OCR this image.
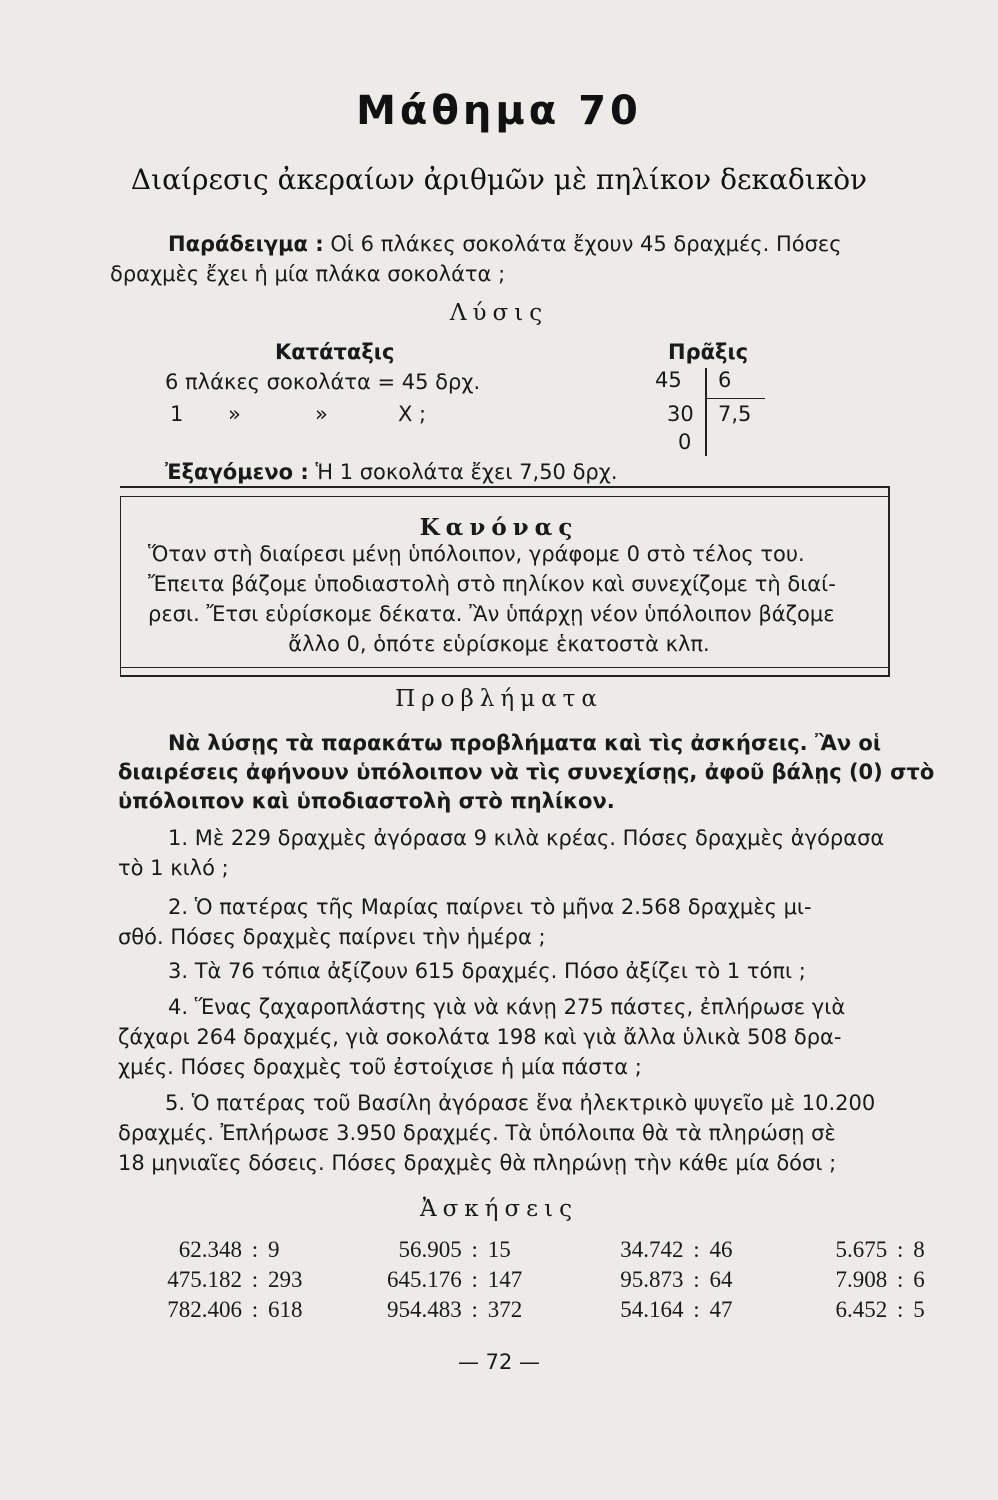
Μάθημα 70
Διαίρεσις ἀκεραίων ἀριθμῶν μὲ πηλίκον δεκαδικὸν
Παράδειγμα : Οἱ 6 πλάκες σοκολάτα ἔχουν 45 δραχμές. Πόσες
δραχμὲς ἔχει ἡ μία πλάκα σοκολάτα ;
Λύσις
Κατάταξις
6 πλάκες σοκολάτα = 45 δρχ.
1 »	»	Χ ;
Πρᾶξις
45 6
30 7,5
0
Ἐξαγόμενο : Ἡ 1 σοκολάτα ἔχει 7,50 δρχ.
Κανόνας
Ὅταν στὴ διαίρεσι μένῃ ὑπόλοιπον, γράφομε 0 στὸ τέλος του.
Ἔπειτα βάζομε ὑποδιαστολὴ στὸ πηλίκον καὶ συνεχίζομε τὴ διαί-
ρεσι. Ἔτσι εὑρίσκομε δέκατα. Ἂν ὑπάρχῃ νέον ὑπόλοιπον βάζομε
ἄλλο 0, ὁπότε εὑρίσκομε ἑκατοστὰ κλπ.
Προβλήματα
Νὰ λύσῃς τὰ παρακάτω προβλήματα καὶ τὶς ἀσκήσεις. Ἂν οἱ
διαιρέσεις ἀφήνουν ὑπόλοιπον νὰ τὶς συνεχίσῃς, ἀφοῦ βάλῃς (0) στὸ
ὑπόλοιπον καὶ ὑποδιαστολὴ στὸ πηλίκον.
1. Μὲ 229 δραχμὲς ἀγόρασα 9 κιλὰ κρέας. Πόσες δραχμὲς ἀγόρασα
τὸ 1 κιλό ;
2. Ὁ πατέρας τῆς Μαρίας παίρνει τὸ μῆνα 2.568 δραχμὲς μι-
σθό. Πόσες δραχμὲς παίρνει τὴν ἡμέρα ;
3. Τὰ 76 τόπια ἀξίζουν 615 δραχμές. Πόσο ἀξίζει τὸ 1 τόπι ;
4. Ἕνας ζαχαροπλάστης γιὰ νὰ κάνῃ 275 πάστες, ἐπλήρωσε γιὰ
ζάχαρι 264 δραχμές, γιὰ σοκολάτα 198 καὶ γιὰ ἄλλα ὑλικὰ 508 δρα-
χμές. Πόσες δραχμὲς τοῦ ἐστοίχισε ἡ μία πάστα ;
5. Ὁ πατέρας τοῦ Βασίλη ἀγόρασε ἕνα ἠλεκτρικὸ ψυγεῖο μὲ 10.200
δραχμές. Ἐπλήρωσε 3.950 δραχμές. Τὰ ὑπόλοιπα θὰ τὰ πληρώσῃ σὲ
18 μηνιαῖες δόσεις. Πόσες δραχμὲς θὰ πληρώνῃ τὴν κάθε μία δόσι ;
Ἀσκήσεις
62.348 : 9	56.905 : 15	34.742 : 46	5.675 : 8
475.182 : 293	645.176 : 147	95.873 : 64	7.908 : 6
782.406 : 618	954.483 : 372	54.164 : 47	6.452 : 5
— 72 —
